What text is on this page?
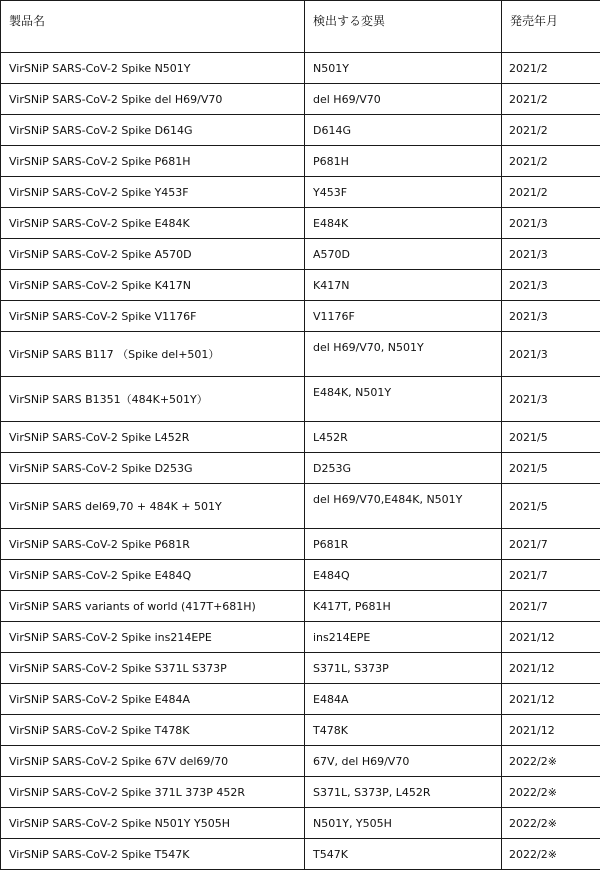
製品名	検出する変異	発売年月
VirSNiP SARS-CoV-2 Spike N501Y	N501Y	2021/2
VirSNiP SARS-CoV-2 Spike del H69/V70	del H69/V70	2021/2
VirSNiP SARS-CoV-2 Spike D614G	D614G	2021/2
VirSNiP SARS-CoV-2 Spike P681H	P681H	2021/2
VirSNiP SARS-CoV-2 Spike Y453F	Y453F	2021/2
VirSNiP SARS-CoV-2 Spike E484K	E484K	2021/3
VirSNiP SARS-CoV-2 Spike A570D	A570D	2021/3
VirSNiP SARS-CoV-2 Spike K417N	K417N	2021/3
VirSNiP SARS-CoV-2 Spike V1176F	V1176F	2021/3
VirSNiP SARS B117 （Spike del+501）	del H69/V70, N501Y	2021/3
VirSNiP SARS B1351（484K+501Y）	E484K, N501Y	2021/3
VirSNiP SARS-CoV-2 Spike L452R	L452R	2021/5
VirSNiP SARS-CoV-2 Spike D253G	D253G	2021/5
VirSNiP SARS del69,70 + 484K + 501Y	del H69/V70,E484K, N501Y	2021/5
VirSNiP SARS-CoV-2 Spike P681R	P681R	2021/7
VirSNiP SARS-CoV-2 Spike E484Q	E484Q	2021/7
VirSNiP SARS variants of world (417T+681H)	K417T, P681H	2021/7
VirSNiP SARS-CoV-2 Spike ins214EPE	ins214EPE	2021/12
VirSNiP SARS-CoV-2 Spike S371L S373P	S371L, S373P	2021/12
VirSNiP SARS-CoV-2 Spike E484A	E484A	2021/12
VirSNiP SARS-CoV-2 Spike T478K	T478K	2021/12
VirSNiP SARS-CoV-2 Spike 67V del69/70	67V, del H69/V70	2022/2※
VirSNiP SARS-CoV-2 Spike 371L 373P 452R	S371L, S373P, L452R	2022/2※
VirSNiP SARS-CoV-2 Spike N501Y Y505H	N501Y, Y505H	2022/2※
VirSNiP SARS-CoV-2 Spike T547K	T547K	2022/2※
